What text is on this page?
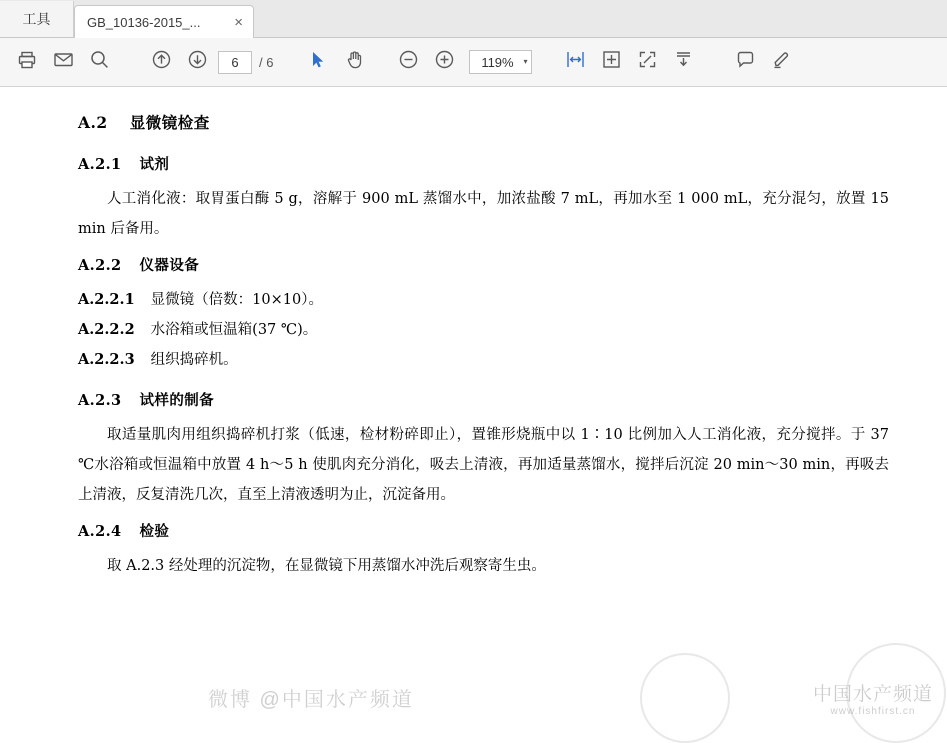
工具	GB_10136-2015_...	×
6
/ 6	119%	▾
A.2 显微镜检查
A.2.1 试剂

人工消化液：取胃蛋白酶 5 g，溶解于 900 mL 蒸馏水中，加浓盐酸 7 mL，再加水至 1 000 mL，充分混匀，放置 15 min 后备用。

A.2.2 仪器设备

A.2.2.1 显微镜（倍数：10×10）。

A.2.2.2 水浴箱或恒温箱(37 ℃)。

A.2.2.3 组织捣碎机。

A.2.3 试样的制备

取适量肌肉用组织捣碎机打浆（低速，检材粉碎即止），置锥形烧瓶中以 1∶10 比例加入人工消化液，充分搅拌。于 37 ℃水浴箱或恒温箱中放置 4 h～5 h 使肌肉充分消化，吸去上清液，再加适量蒸馏水，搅拌后沉淀 20 min～30 min，再吸去上清液，反复清洗几次，直至上清液透明为止，沉淀备用。

A.2.4 检验

取 A.2.3 经处理的沉淀物，在显微镜下用蒸馏水冲洗后观察寄生虫。

微博 @中国水产频道	中国水产频道
www.fishfirst.cn
